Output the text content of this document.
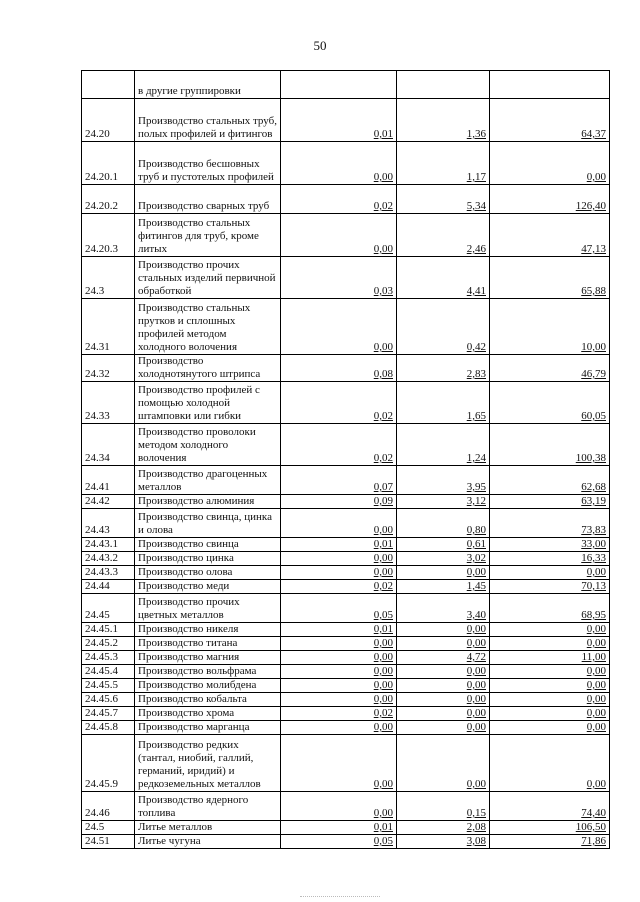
50
	в другие группировки			
24.20	Производство стальных труб, полых профилей и фитингов	0,01	1,36	64,37
24.20.1	Производство бесшовных труб и пустотелых профилей	0,00	1,17	0,00
24.20.2	Производство сварных труб	0,02	5,34	126,40
24.20.3	Производство стальных фитингов для труб, кроме литых	0,00	2,46	47,13
24.3	Производство прочих стальных изделий первичной обработкой	0,03	4,41	65,88
24.31	Производство стальных прутков и сплошных профилей методом холодного волочения	0,00	0,42	10,00
24.32	Производство холоднотянутого штрипса	0,08	2,83	46,79
24.33	Производство профилей с помощью холодной штамповки или гибки	0,02	1,65	60,05
24.34	Производство проволоки методом холодного волочения	0,02	1,24	100,38
24.41	Производство драгоценных металлов	0,07	3,95	62,68
24.42	Производство алюминия	0,09	3,12	63,19
24.43	Производство свинца, цинка и олова	0,00	0,80	73,83
24.43.1	Производство свинца	0,01	0,61	33,00
24.43.2	Производство цинка	0,00	3,02	16,33
24.43.3	Производство олова	0,00	0,00	0,00
24.44	Производство меди	0,02	1,45	70,13
24.45	Производство прочих цветных металлов	0,05	3,40	68,95
24.45.1	Производство никеля	0,01	0,00	0,00
24.45.2	Производство титана	0,00	0,00	0,00
24.45.3	Производство магния	0,00	4,72	11,00
24.45.4	Производство вольфрама	0,00	0,00	0,00
24.45.5	Производство молибдена	0,00	0,00	0,00
24.45.6	Производство кобальта	0,00	0,00	0,00
24.45.7	Производство хрома	0,02	0,00	0,00
24.45.8	Производство марганца	0,00	0,00	0,00
24.45.9	Производство редких (тантал, ниобий, галлий, германий, иридий) и редкоземельных металлов	0,00	0,00	0,00
24.46	Производство ядерного топлива	0,00	0,15	74,40
24.5	Литье металлов	0,01	2,08	106,50
24.51	Литье чугуна	0,05	3,08	71,86
